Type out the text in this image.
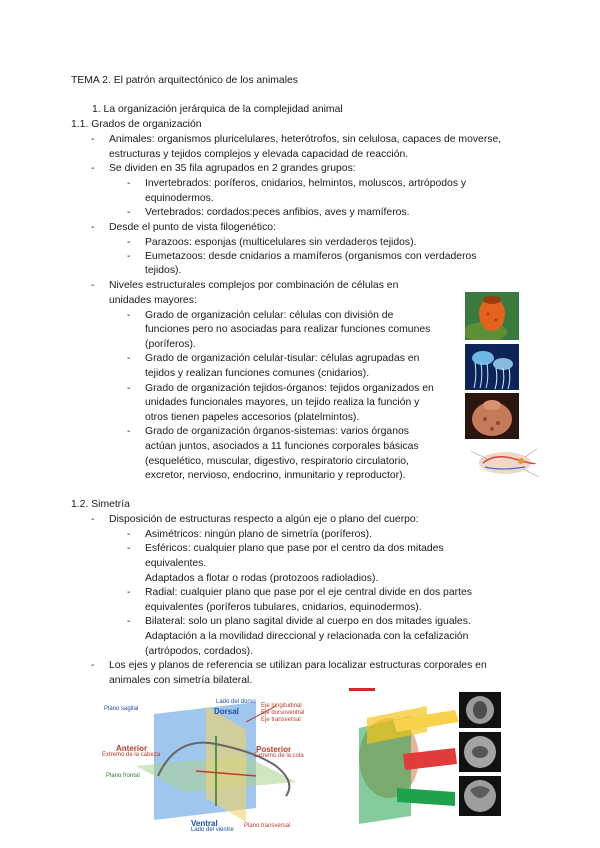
TEMA 2. El patrón arquitectónico de los animales
1. La organización jerárquica de la complejidad animal
1.1. Grados de organización
- Animales: organismos pluricelulares, heterótrofos, sin celulosa, capaces de moverse,
estructuras y tejidos complejos y elevada capacidad de reacción.
- Se dividen en 35 fila agrupados en 2 grandes grupos:
- Invertebrados: poríferos, cnidarios, helmintos, moluscos, artrópodos y
equinodermos.
- Vertebrados: cordados:peces anfibios, aves y mamíferos.
- Desde el punto de vista filogenético:
- Parazoos: esponjas (multicelulares sin verdaderos tejidos).
- Eumetazoos: desde cnidarios a mamíferos (organismos con verdaderos
tejidos).
- Niveles estructurales complejos por combinación de células en
unidades mayores:
- Grado de organización celular: células con división de
funciones pero no asociadas para realizar funciones comunes
(poríferos).
- Grado de organización celular-tisular: células agrupadas en
tejidos y realizan funciones comunes (cnidarios).
- Grado de organización tejidos-órganos: tejidos organizados en
unidades funcionales mayores, un tejido realiza la función y
otros tienen papeles accesorios (platelmintos).
- Grado de organización órganos-sistemas: varios órganos
actúan juntos, asociados a 11 funciones corporales básicas
(esquelético, muscular, digestivo, respiratorio circulatorio,
excretor, nervioso, endocrino, inmunitario y reproductor).
1.2. Simetría
- Disposición de estructuras respecto a algún eje o plano del cuerpo:
- Asimétricos: ningún plano de simetría (poríferos).
- Esféricos: cualquier plano que pase por el centro da dos mitades
equivalentes.
Adaptados a flotar o rodas (protozoos radioladios).
- Radial: cualquier plano que pase por el eje central divide en dos partes
equivalentes (poríferos tubulares, cnidarios, equinodermos).
- Bilateral: solo un plano sagital divide al cuerpo en dos mitades iguales.
Adaptación a la movilidad direccional y relacionada con la cefalización
(artrópodos, cordados).
- Los ejes y planos de referencia se utilizan para localizar estructuras corporales en
animales con simetría bilateral.
Lado del dorso
Dorsal
Plano sagital	Eje longitudinal
Eje dorsoventral
Eje transversal
Anterior
Extremo de la cabeza
Posterior
Extremo de la cola
Plano frontal
Ventral
Lado del vientre
Plano transversal
